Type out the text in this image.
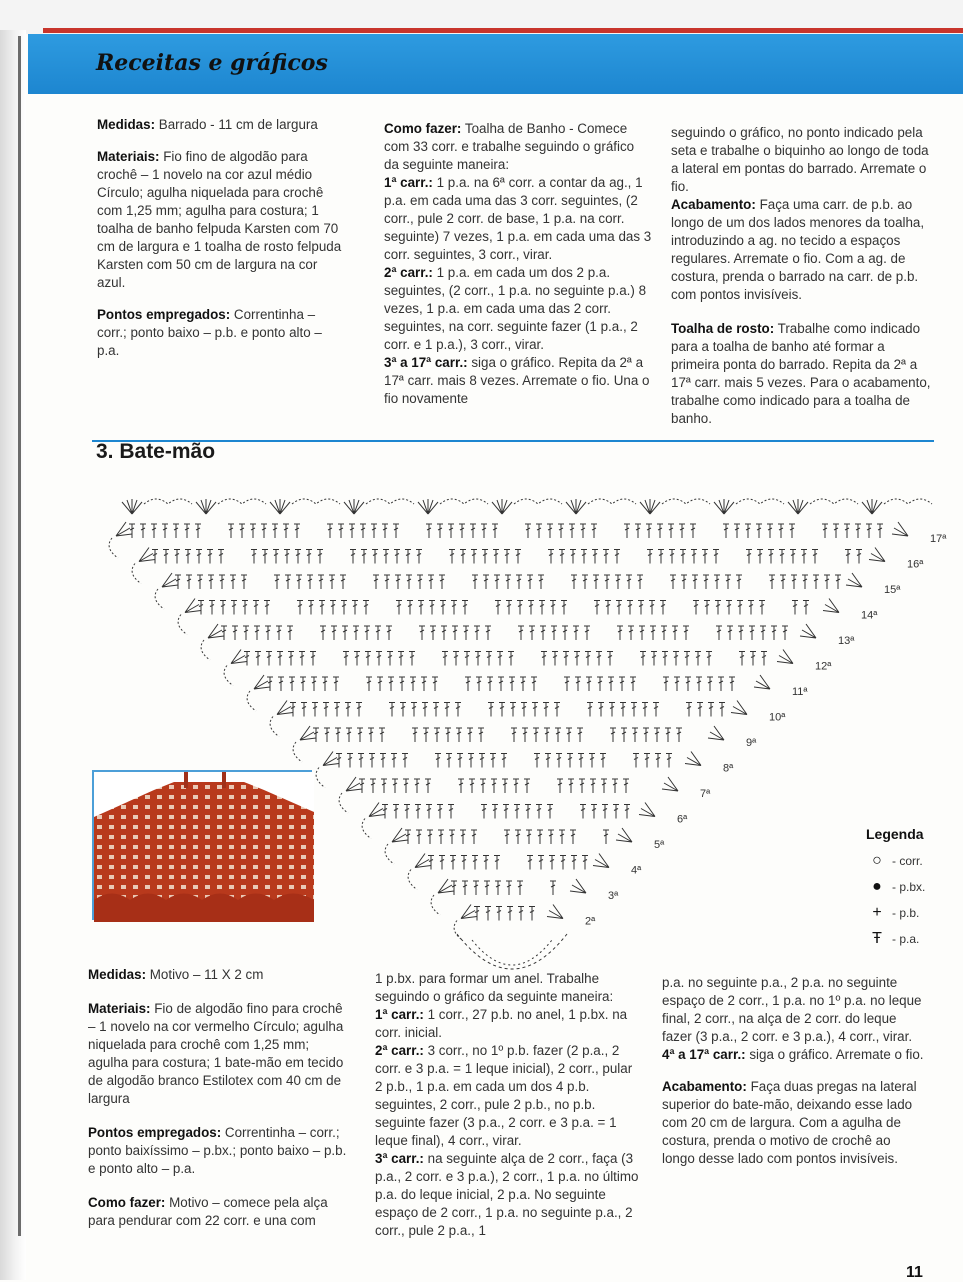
Receitas e gráficos

Medidas: Barrado - 11 cm de largura

Materiais: Fio fino de algodão para crochê – 1 novelo na cor azul médio Círculo; agulha niquelada para crochê com 1,25 mm; agulha para costura; 1 toalha de banho felpuda Karsten com 70 cm de largura e 1 toalha de rosto felpuda Karsten com 50 cm de largura na cor azul.

Pontos empregados: Correntinha – corr.; ponto baixo – p.b. e ponto alto – p.a.

Como fazer: Toalha de Banho - Comece com 33 corr. e trabalhe seguindo o gráfico da seguinte maneira:

1ª carr.: 1 p.a. na 6ª corr. a contar da ag., 1 p.a. em cada uma das 3 corr. seguintes, (2 corr., pule 2 corr. de base, 1 p.a. na corr. seguinte) 7 vezes, 1 p.a. em cada uma das 3 corr. seguintes, 3 corr., virar.

2ª carr.: 1 p.a. em cada um dos 2 p.a. seguintes, (2 corr., 1 p.a. no seguinte p.a.) 8 vezes, 1 p.a. em cada uma das 2 corr. seguintes, na corr. seguinte fazer (1 p.a., 2 corr. e 1 p.a.), 3 corr., virar.

3ª a 17ª carr.: siga o gráfico. Repita da 2ª a 17ª carr. mais 8 vezes. Arremate o fio. Una o fio novamente

seguindo o gráfico, no ponto indicado pela seta e trabalhe o biquinho ao longo de toda a lateral em pontas do barrado. Arremate o fio.

Acabamento: Faça uma carr. de p.b. ao longo de um dos lados menores da toalha, introduzindo a ag. no tecido a espaços regulares. Arremate o fio. Com a ag. de costura, prenda o barrado na carr. de p.b. com pontos invisíveis.

Toalha de rosto: Trabalhe como indicado para a toalha de banho até formar a primeira ponta do barrado. Repita da 2ª a 17ª carr. mais 5 vezes. Para o acabamento, trabalhe como indicado para a toalha de banho.

3. Bate-mão
17ª
16ª
15ª
14ª
13ª
12ª
11ª
10ª
9ª
8ª
7ª
6ª
5ª
4ª
3ª
2ª
Legenda
○ - corr.
● - p.bx.
+ - p.b.
Ŧ - p.a.

Medidas: Motivo – 11 X 2 cm

Materiais: Fio de algodão fino para crochê – 1 novelo na cor vermelho Círculo; agulha niquelada para crochê com 1,25 mm; agulha para costura; 1 bate-mão em tecido de algodão branco Estilotex com 40 cm de largura

Pontos empregados: Correntinha – corr.; ponto baixíssimo – p.bx.; ponto baixo – p.b. e ponto alto – p.a.

Como fazer: Motivo – comece pela alça para pendurar com 22 corr. e una com

1 p.bx. para formar um anel. Trabalhe seguindo o gráfico da seguinte maneira:

1ª carr.: 1 corr., 27 p.b. no anel, 1 p.bx. na corr. inicial.

2ª carr.: 3 corr., no 1º p.b. fazer (2 p.a., 2 corr. e 3 p.a. = 1 leque inicial), 2 corr., pular 2 p.b., 1 p.a. em cada um dos 4 p.b. seguintes, 2 corr., pule 2 p.b., no p.b. seguinte fazer (3 p.a., 2 corr. e 3 p.a. = 1 leque final), 4 corr., virar.

3ª carr.: na seguinte alça de 2 corr., faça (3 p.a., 2 corr. e 3 p.a.), 2 corr., 1 p.a. no último p.a. do leque inicial, 2 p.a. No seguinte espaço de 2 corr., 1 p.a. no seguinte p.a., 2 corr., pule 2 p.a., 1

p.a. no seguinte p.a., 2 p.a. no seguinte espaço de 2 corr., 1 p.a. no 1º p.a. no leque final, 2 corr., na alça de 2 corr. do leque fazer (3 p.a., 2 corr. e 3 p.a.), 4 corr., virar.

4ª a 17ª carr.: siga o gráfico. Arremate o fio.

Acabamento: Faça duas pregas na lateral superior do bate-mão, deixando esse lado com 20 cm de largura. Com a agulha de costura, prenda o motivo de crochê ao longo desse lado com pontos invisíveis.

11
